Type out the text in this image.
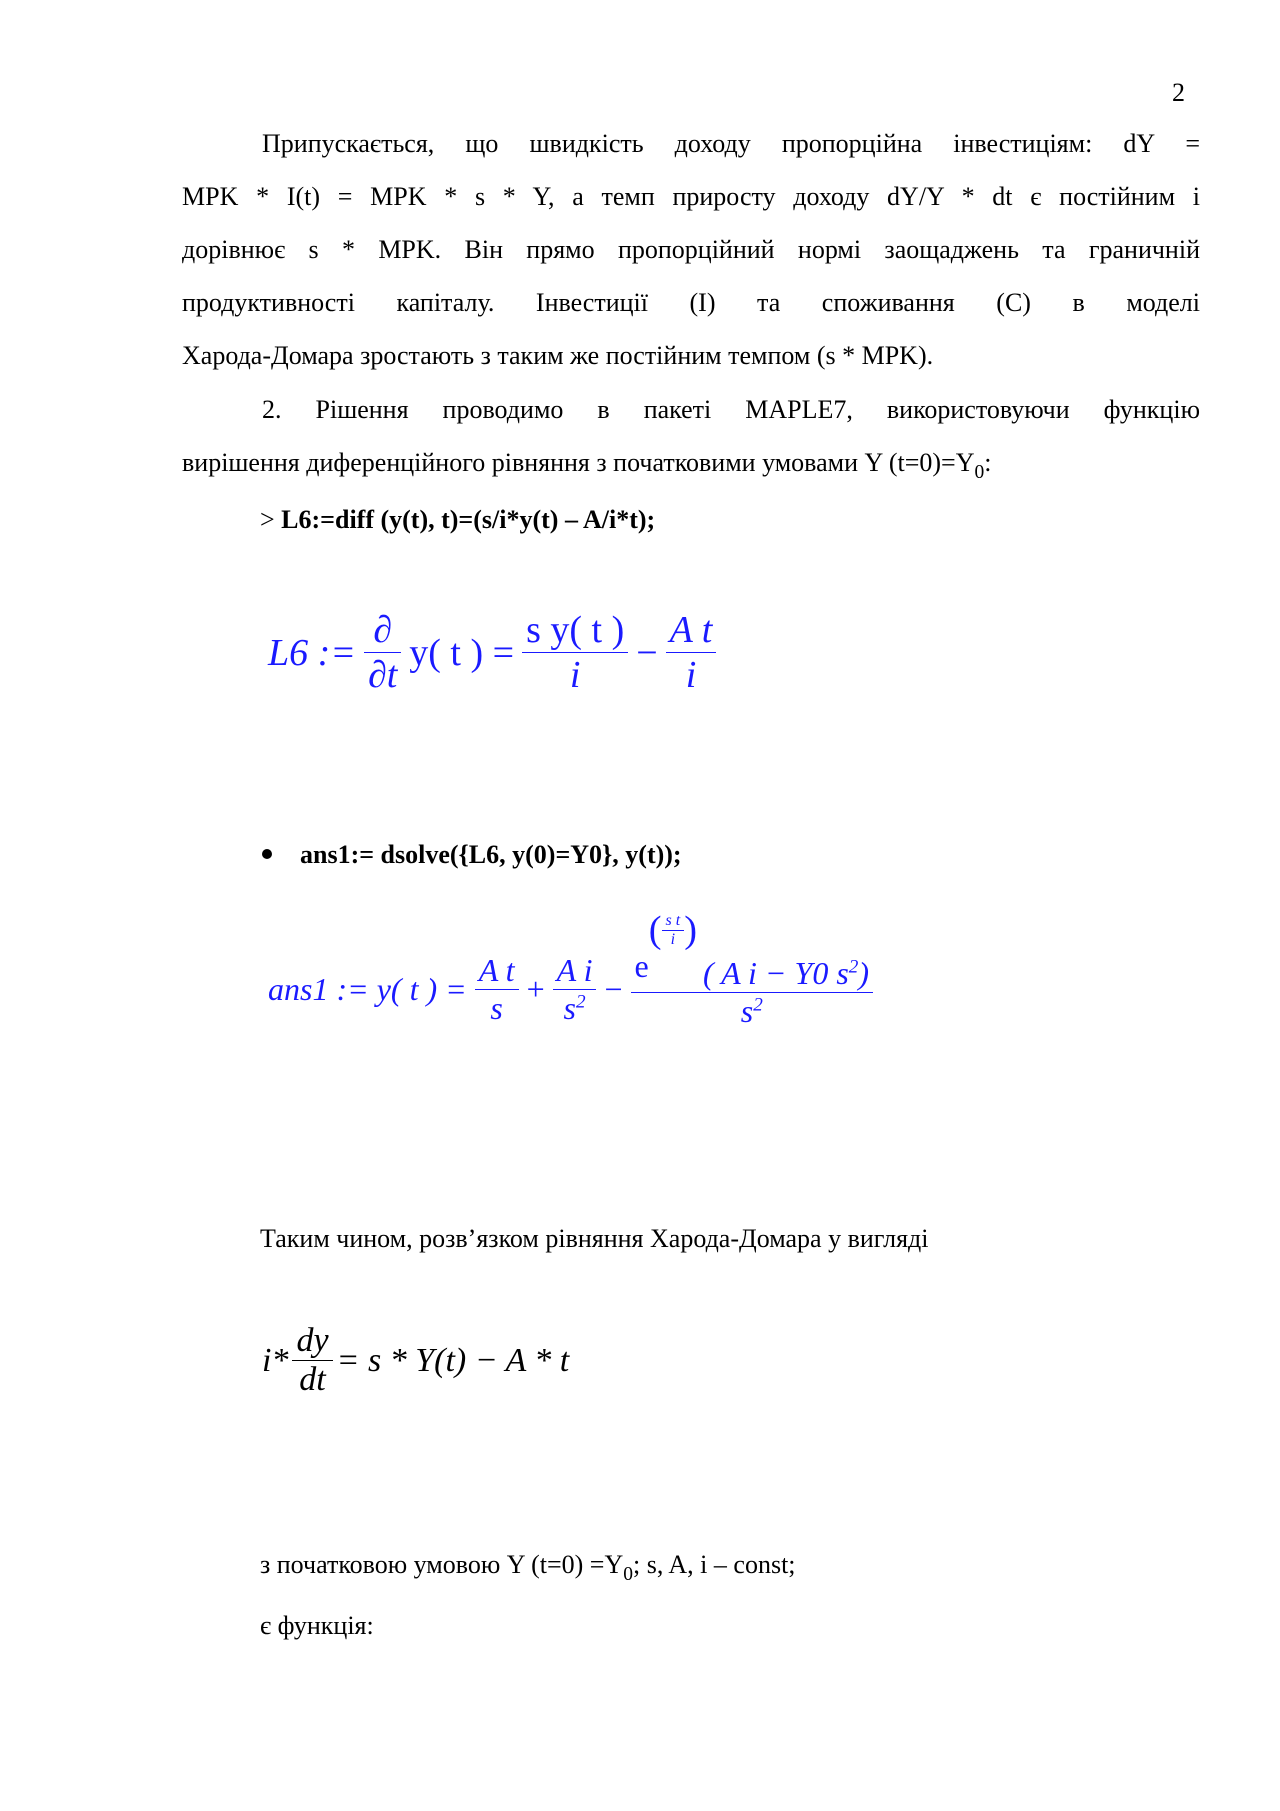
2
Припускається, що швидкість доходу пропорційна інвестиціям: dY =
MPK * I(t) = MPK * s * Y, а темп приросту доходу dY/Y * dt є постійним і
дорівнює s * MPK. Він прямо пропорційний нормі заощаджень та граничній
продуктивності капіталу. Інвестиції (I) та споживання (C) в моделі
Харода-Домара зростають з таким же постійним темпом (s * MPK).
2. Рішення проводимо в пакеті MAPLE7, використовуючи функцію
вирішення диференційного рівняння з початковими умовами Y $(t=0)=Y_0$:
> L6:=diff (y(t), t)=(s/i*y(t) – A/i*t);
L6 := $\frac{\partial}{\partial t} y$( t ) = $\frac{\text{s y( t )}}{i} - \frac{\text{A t}}{i}$
ans1:= dsolve({L6, y(0)=Y0}, y(t));
ans1 := y( t ) = $\frac{\text{A t}}{s} + \frac{\text{A i}}{s^2}$ −
e
( $\frac{\text{s t}}{i}$ )
( A i − Y0 $s^2$)
$s^2$
Таким чином, розв’язком рівняння Харода-Домара у вигляді
$i* \frac{dy}{dt} = s * Y(t) - A * t$
з початковою умовою Y $(t=0) =Y_0$; s, A, i – const;
є функція:
